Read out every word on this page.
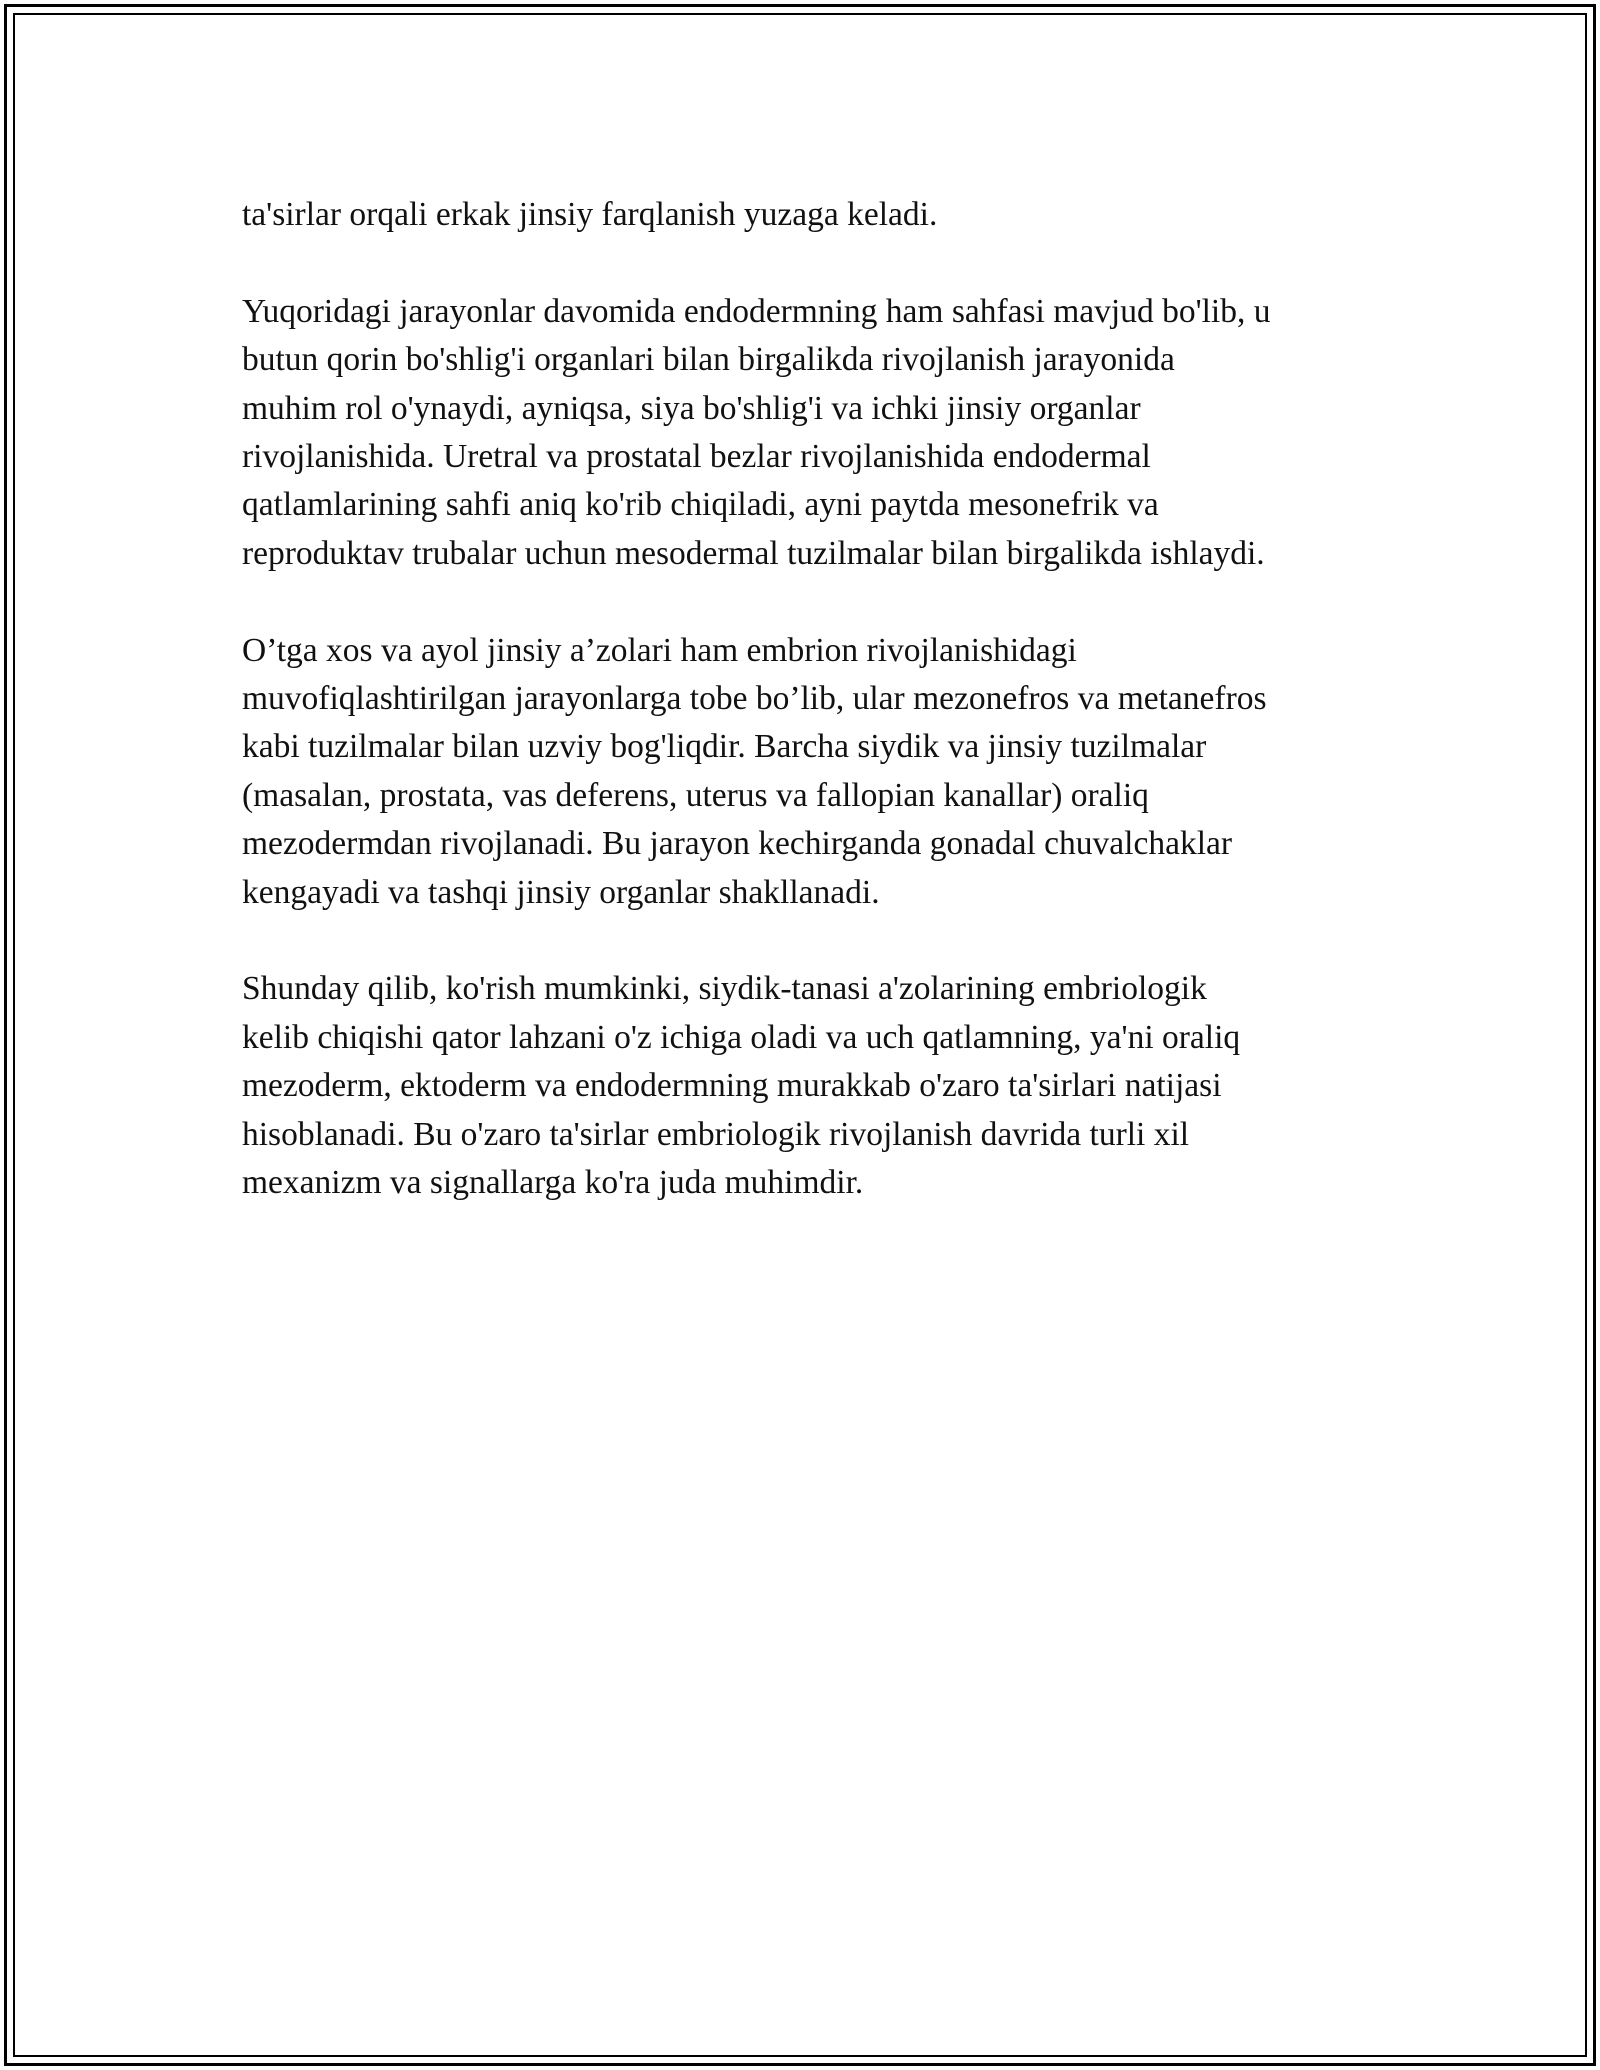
ta'sirlar orqali erkak jinsiy farqlanish yuzaga keladi.

Yuqoridagi jarayonlar davomida endodermning ham sahfasi mavjud bo'lib, u
butun qorin bo'shlig'i organlari bilan birgalikda rivojlanish jarayonida
muhim rol o'ynaydi, ayniqsa, siya bo'shlig'i va ichki jinsiy organlar
rivojlanishida. Uretral va prostatal bezlar rivojlanishida endodermal
qatlamlarining sahfi aniq ko'rib chiqiladi, ayni paytda mesonefrik va
reproduktav trubalar uchun mesodermal tuzilmalar bilan birgalikda ishlaydi.

O’tga xos va ayol jinsiy a’zolari ham embrion rivojlanishidagi
muvofiqlashtirilgan jarayonlarga tobe bo’lib, ular mezonefros va metanefros
kabi tuzilmalar bilan uzviy bog'liqdir. Barcha siydik va jinsiy tuzilmalar
(masalan, prostata, vas deferens, uterus va fallopian kanallar) oraliq
mezodermdan rivojlanadi. Bu jarayon kechirganda gonadal chuvalchaklar
kengayadi va tashqi jinsiy organlar shakllanadi.

Shunday qilib, ko'rish mumkinki, siydik-tanasi a'zolarining embriologik
kelib chiqishi qator lahzani o'z ichiga oladi va uch qatlamning, ya'ni oraliq
mezoderm, ektoderm va endodermning murakkab o'zaro ta'sirlari natijasi
hisoblanadi. Bu o'zaro ta'sirlar embriologik rivojlanish davrida turli xil
mexanizm va signallarga ko'ra juda muhimdir.
